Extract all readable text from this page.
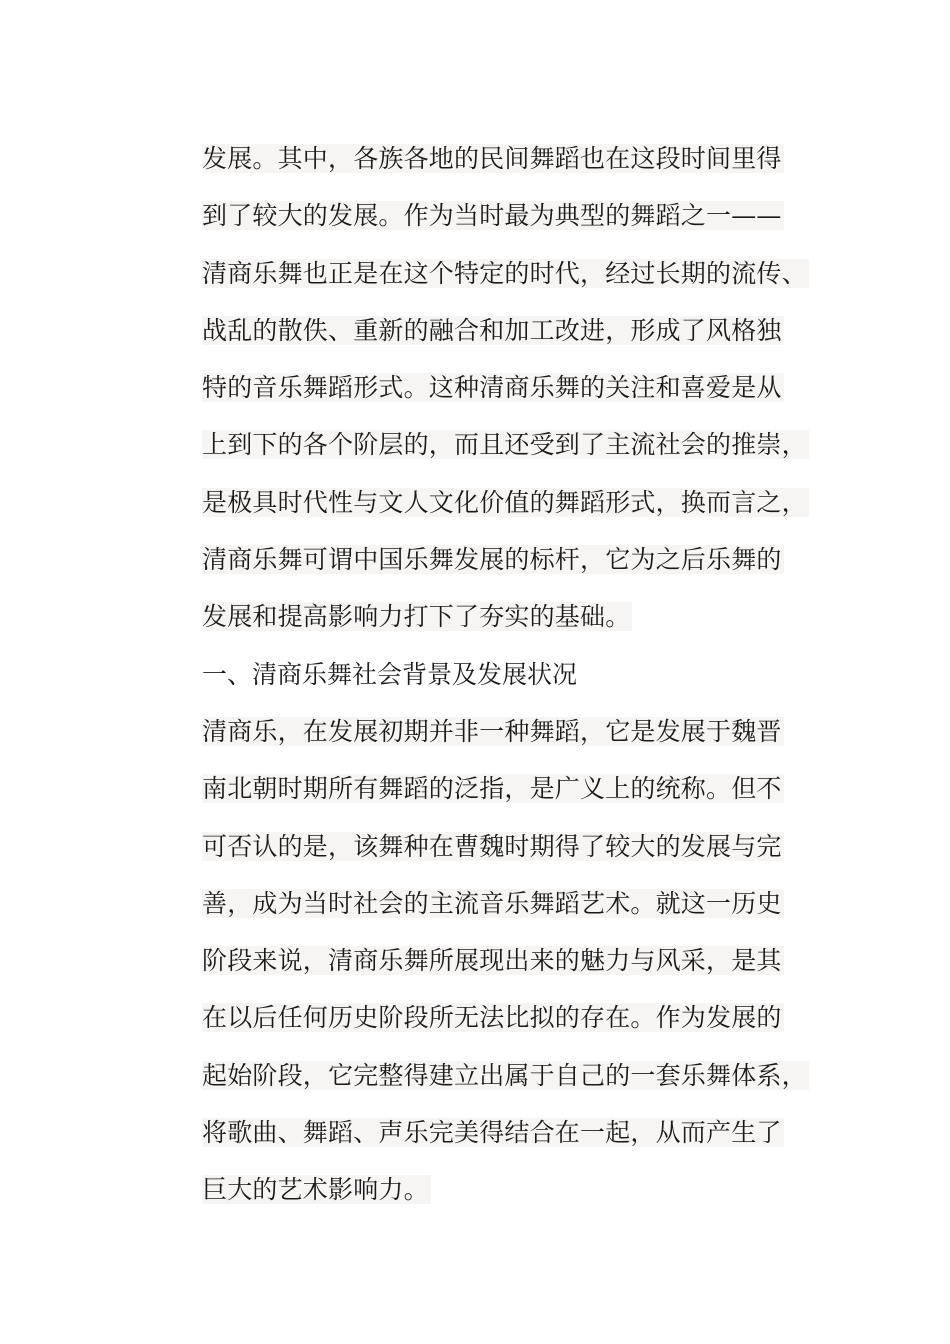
发展。其中，各族各地的民间舞蹈也在这段时间里得
到了较大的发展。作为当时最为典型的舞蹈之一——
清商乐舞也正是在这个特定的时代，经过长期的流传、
战乱的散佚、重新的融合和加工改进，形成了风格独
特的音乐舞蹈形式。这种清商乐舞的关注和喜爱是从
上到下的各个阶层的，而且还受到了主流社会的推崇，
是极具时代性与文人文化价值的舞蹈形式，换而言之，
清商乐舞可谓中国乐舞发展的标杆，它为之后乐舞的
发展和提高影响力打下了夯实的基础。
一、清商乐舞社会背景及发展状况
清商乐，在发展初期并非一种舞蹈，它是发展于魏晋
南北朝时期所有舞蹈的泛指，是广义上的统称。但不
可否认的是，该舞种在曹魏时期得了较大的发展与完
善，成为当时社会的主流音乐舞蹈艺术。就这一历史
阶段来说，清商乐舞所展现出来的魅力与风采，是其
在以后任何历史阶段所无法比拟的存在。作为发展的
起始阶段，它完整得建立出属于自己的一套乐舞体系，
将歌曲、舞蹈、声乐完美得结合在一起，从而产生了
巨大的艺术影响力。
